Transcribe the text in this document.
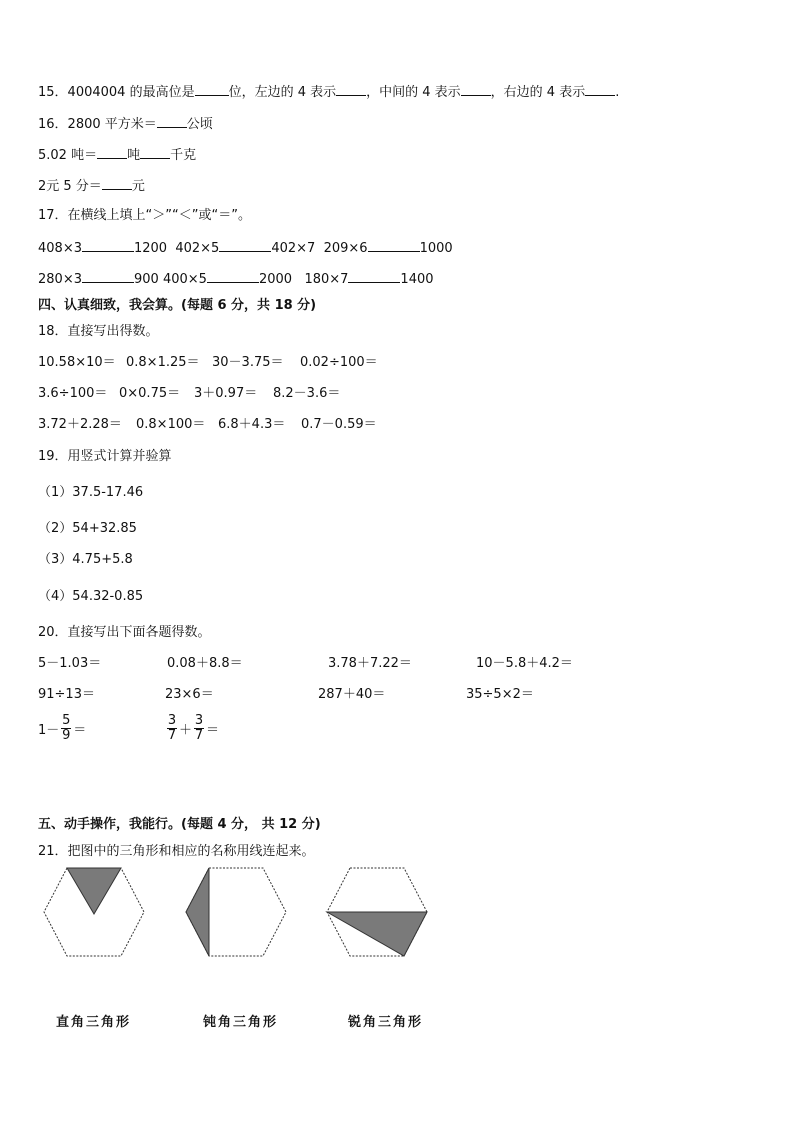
15．4004004 的最高位是	位，左边的 4 表示 ，中间的 4 表示 ，右边的 4 表示 .
16．2800 平方米＝ 公顷
5.02 吨＝ 吨 千克
2元 5 分＝ 元
17．在横线上填上“＞”“＜”或“＝”。
408×3	1200 402×5	402×7 209×6	1000
280×3	900 400×5	2000 180×7	1400
四、认真细致，我会算。(每题 6 分，共 18 分)
18．直接写出得数。
10.58×10＝ 0.8×1.25＝ 30－3.75＝ 0.02÷100＝
3.6÷100＝ 0×0.75＝ 3＋0.97＝ 8.2－3.6＝
3.72＋2.28＝ 0.8×100＝ 6.8＋4.3＝ 0.7－0.59＝
19．用竖式计算并验算
（1）37.5-17.46
（2）54+32.85
（3）4.75+5.8
（4）54.32-0.85
20．直接写出下面各题得数。
5－1.03＝	0.08＋8.8＝	3.78＋7.22＝	10－5.8＋4.2＝
91÷13＝	23×6＝	287＋40＝	35÷5×2＝
$1- \frac{5}{9}$ ＝	$\frac{3}{7} + \frac{3}{7}$ ＝
五、动手操作，我能行。(每题 4 分， 共 12 分)
21．把图中的三角形和相应的名称用线连起来。
直角三角形	钝角三角形	锐角三角形
